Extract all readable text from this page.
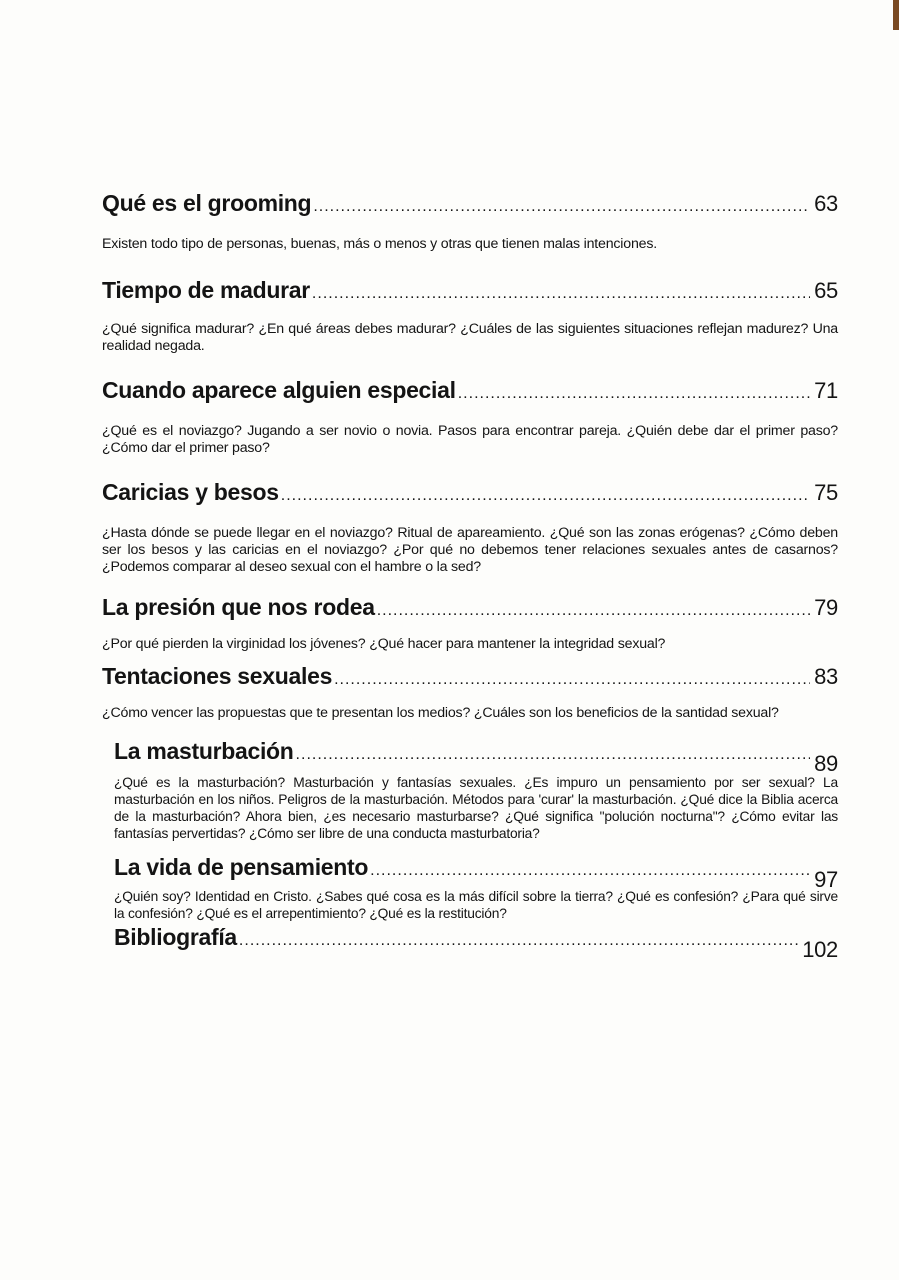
Qué es el grooming .....	63

Existen todo tipo de personas, buenas, más o menos y otras que tienen malas intenciones.

Tiempo de madurar .....	65

¿Qué significa madurar? ¿En qué áreas debes madurar? ¿Cuáles de las siguientes situaciones reflejan madurez? Una realidad negada.

Cuando aparece alguien especial .....	71

¿Qué es el noviazgo? Jugando a ser novio o novia. Pasos para encontrar pareja. ¿Quién debe dar el primer paso? ¿Cómo dar el primer paso?

Caricias y besos .....	75

¿Hasta dónde se puede llegar en el noviazgo? Ritual de apareamiento. ¿Qué son las zonas erógenas? ¿Cómo deben ser los besos y las caricias en el noviazgo? ¿Por qué no debemos tener relaciones sexuales antes de casarnos? ¿Podemos comparar al deseo sexual con el hambre o la sed?

La presión que nos rodea .....	79

¿Por qué pierden la virginidad los jóvenes? ¿Qué hacer para mantener la integridad sexual?

Tentaciones sexuales .....	83

¿Cómo vencer las propuestas que te presentan los medios? ¿Cuáles son los beneficios de la santidad sexual?

La masturbación .....	89

¿Qué es la masturbación? Masturbación y fantasías sexuales. ¿Es impuro un pensamiento por ser sexual? La masturbación en los niños. Peligros de la masturbación. Métodos para 'curar' la masturbación. ¿Qué dice la Biblia acerca de la masturbación? Ahora bien, ¿es necesario masturbarse? ¿Qué significa "polución nocturna"? ¿Cómo evitar las fantasías pervertidas? ¿Cómo ser libre de una conducta masturbatoria?

La vida de pensamiento .....	97

¿Quién soy? Identidad en Cristo. ¿Sabes qué cosa es la más difícil sobre la tierra? ¿Qué es confesión? ¿Para qué sirve la confesión? ¿Qué es el arrepentimiento? ¿Qué es la restitución?

Bibliografía .....	102
